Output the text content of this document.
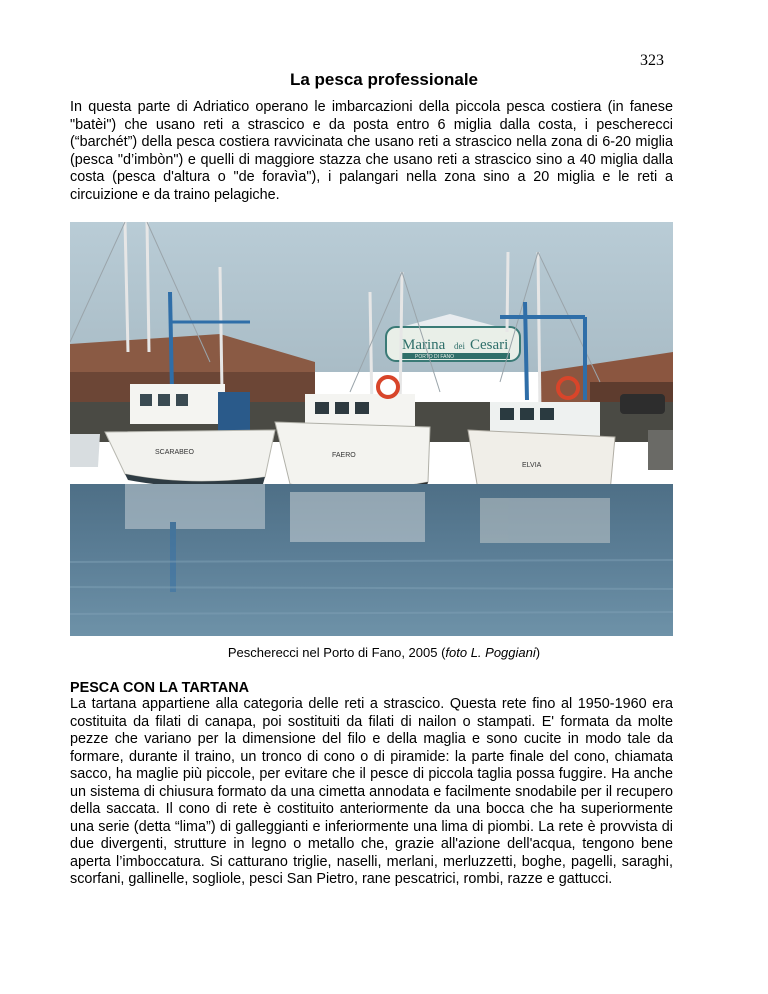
323
La pesca professionale

In questa parte di Adriatico operano le imbarcazioni della piccola pesca costiera (in fanese "batèi") che usano reti a strascico e da posta entro 6 miglia dalla costa, i pescherecci (“barchét”) della pesca costiera ravvicinata che usano reti a strascico nella zona di 6-20 miglia (pesca "d’imbòn") e quelli di maggiore stazza che usano reti a strascico sino a 40 miglia dalla costa (pesca d'altura o "de foravìa"), i palangari nella zona sino a 20 miglia e le reti a circuizione e da traino pelagiche.

Marina dei Cesari
PORTO DI FANO
SCARABEO	FAERO
ELVIA
Pescherecci nel Porto di Fano, 2005 (foto L. Poggiani)
PESCA CON LA TARTANA

La tartana appartiene alla categoria delle reti a strascico. Questa rete fino al 1950-1960 era costituita da filati di canapa, poi sostituiti da filati di nailon o stampati. E' formata da molte pezze che variano per la dimensione del filo e della maglia e sono cucite in modo tale da formare, durante il traino, un tronco di cono o di piramide: la parte finale del cono, chiamata sacco, ha maglie più piccole, per evitare che il pesce di piccola taglia possa fuggire. Ha anche un sistema di chiusura formato da una cimetta annodata e facilmente snodabile per il recupero della saccata. Il cono di rete è costituito anteriormente da una bocca che ha superiormente una serie (detta “lima”) di galleggianti e inferiormente una lima di piombi. La rete è provvista di due divergenti, strutture in legno o metallo che, grazie all'azione dell'acqua, tengono bene aperta l’imboccatura. Si catturano triglie, naselli, merlani, merluzzetti, boghe, pagelli, saraghi, scorfani, gallinelle, sogliole, pesci San Pietro, rane pescatrici, rombi, razze e gattucci.
